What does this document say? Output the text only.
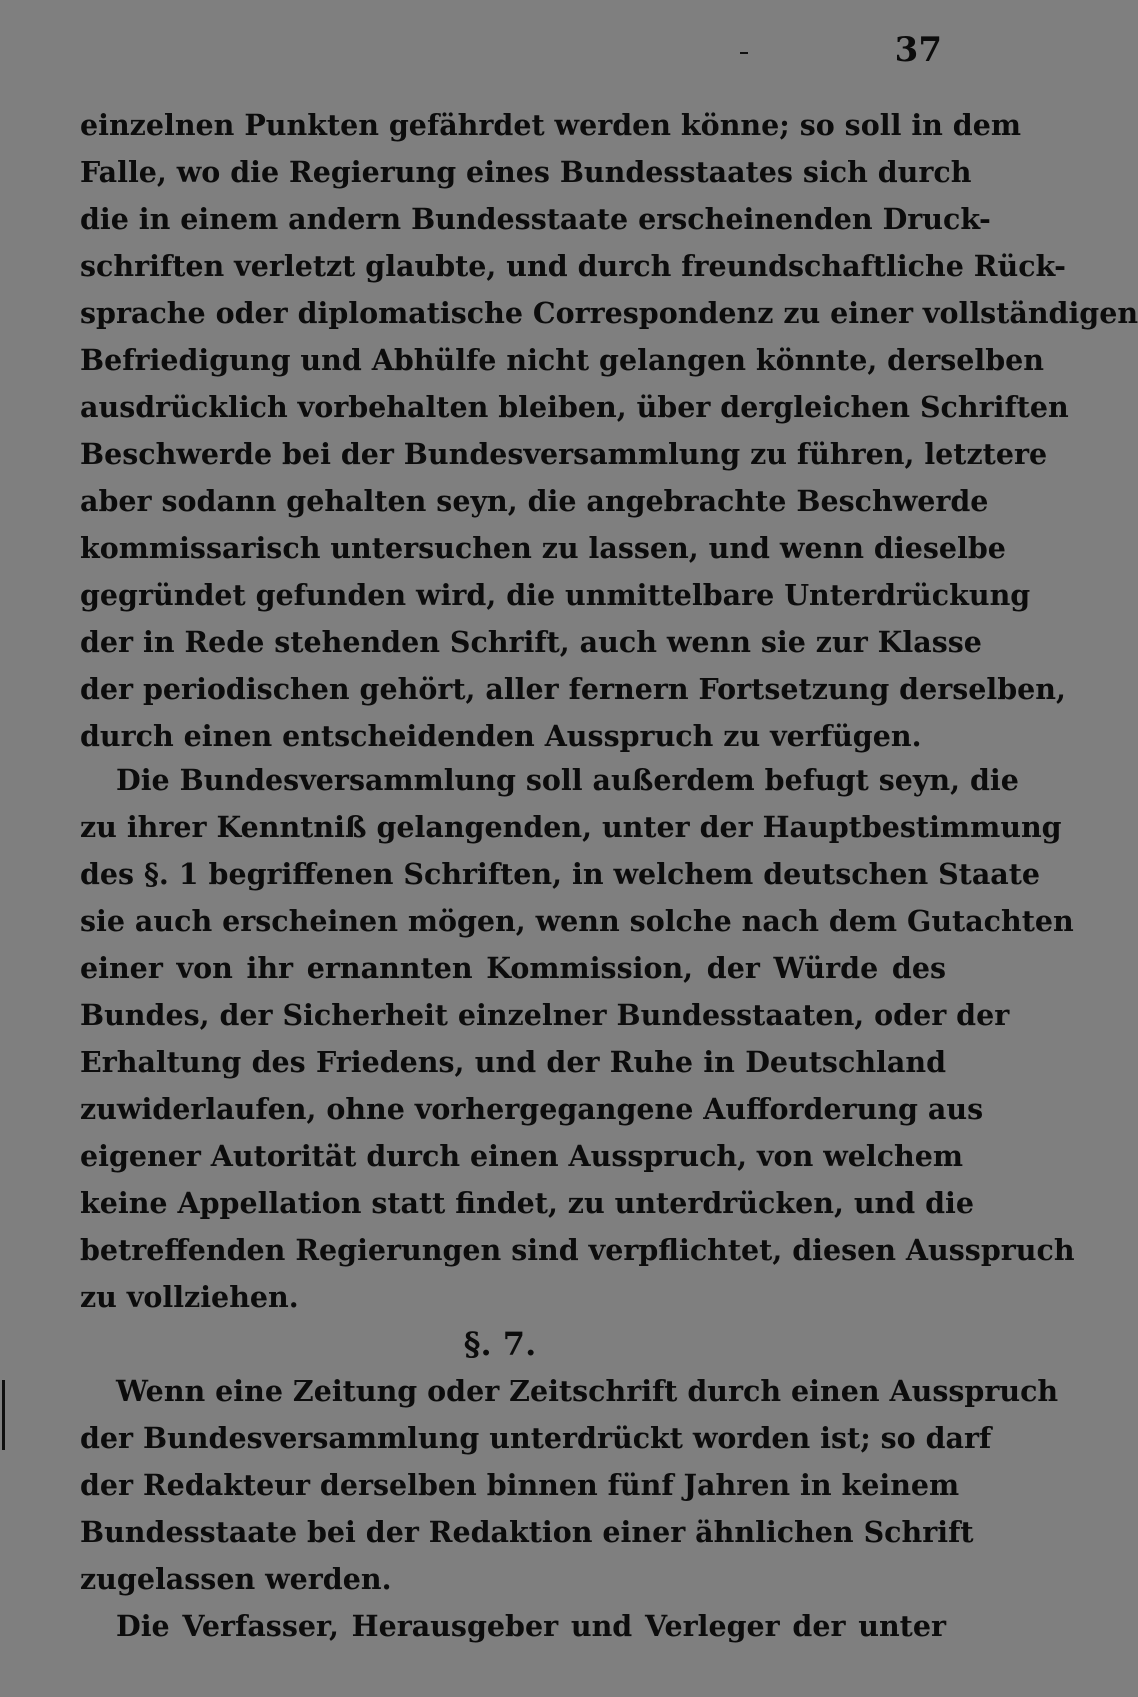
37
einzelnen Punkten gefährdet werden könne; so soll in dem
Falle, wo die Regierung eines Bundesstaates sich durch
die in einem andern Bundesstaate erscheinenden Druck-
schriften verletzt glaubte, und durch freundschaftliche Rück-
sprache oder diplomatische Correspondenz zu einer vollständigen
Befriedigung und Abhülfe nicht gelangen könnte, derselben
ausdrücklich vorbehalten bleiben, über dergleichen Schriften
Beschwerde bei der Bundesversammlung zu führen, letztere
aber sodann gehalten seyn, die angebrachte Beschwerde
kommissarisch untersuchen zu lassen, und wenn dieselbe
gegründet gefunden wird, die unmittelbare Unterdrückung
der in Rede stehenden Schrift, auch wenn sie zur Klasse
der periodischen gehört, aller fernern Fortsetzung derselben,
durch einen entscheidenden Ausspruch zu verfügen.
Die Bundesversammlung soll außerdem befugt seyn, die
zu ihrer Kenntniß gelangenden, unter der Hauptbestimmung
des §. 1 begriffenen Schriften, in welchem deutschen Staate
sie auch erscheinen mögen, wenn solche nach dem Gutachten
einer von ihr ernannten Kommission, der Würde des
Bundes, der Sicherheit einzelner Bundesstaaten, oder der
Erhaltung des Friedens, und der Ruhe in Deutschland
zuwiderlaufen, ohne vorhergegangene Aufforderung aus
eigener Autorität durch einen Ausspruch, von welchem
keine Appellation statt findet, zu unterdrücken, und die
betreffenden Regierungen sind verpflichtet, diesen Ausspruch
zu vollziehen.
§. 7.
Wenn eine Zeitung oder Zeitschrift durch einen Ausspruch
der Bundesversammlung unterdrückt worden ist; so darf
der Redakteur derselben binnen fünf Jahren in keinem
Bundesstaate bei der Redaktion einer ähnlichen Schrift
zugelassen werden.
Die Verfasser, Herausgeber und Verleger der unter
